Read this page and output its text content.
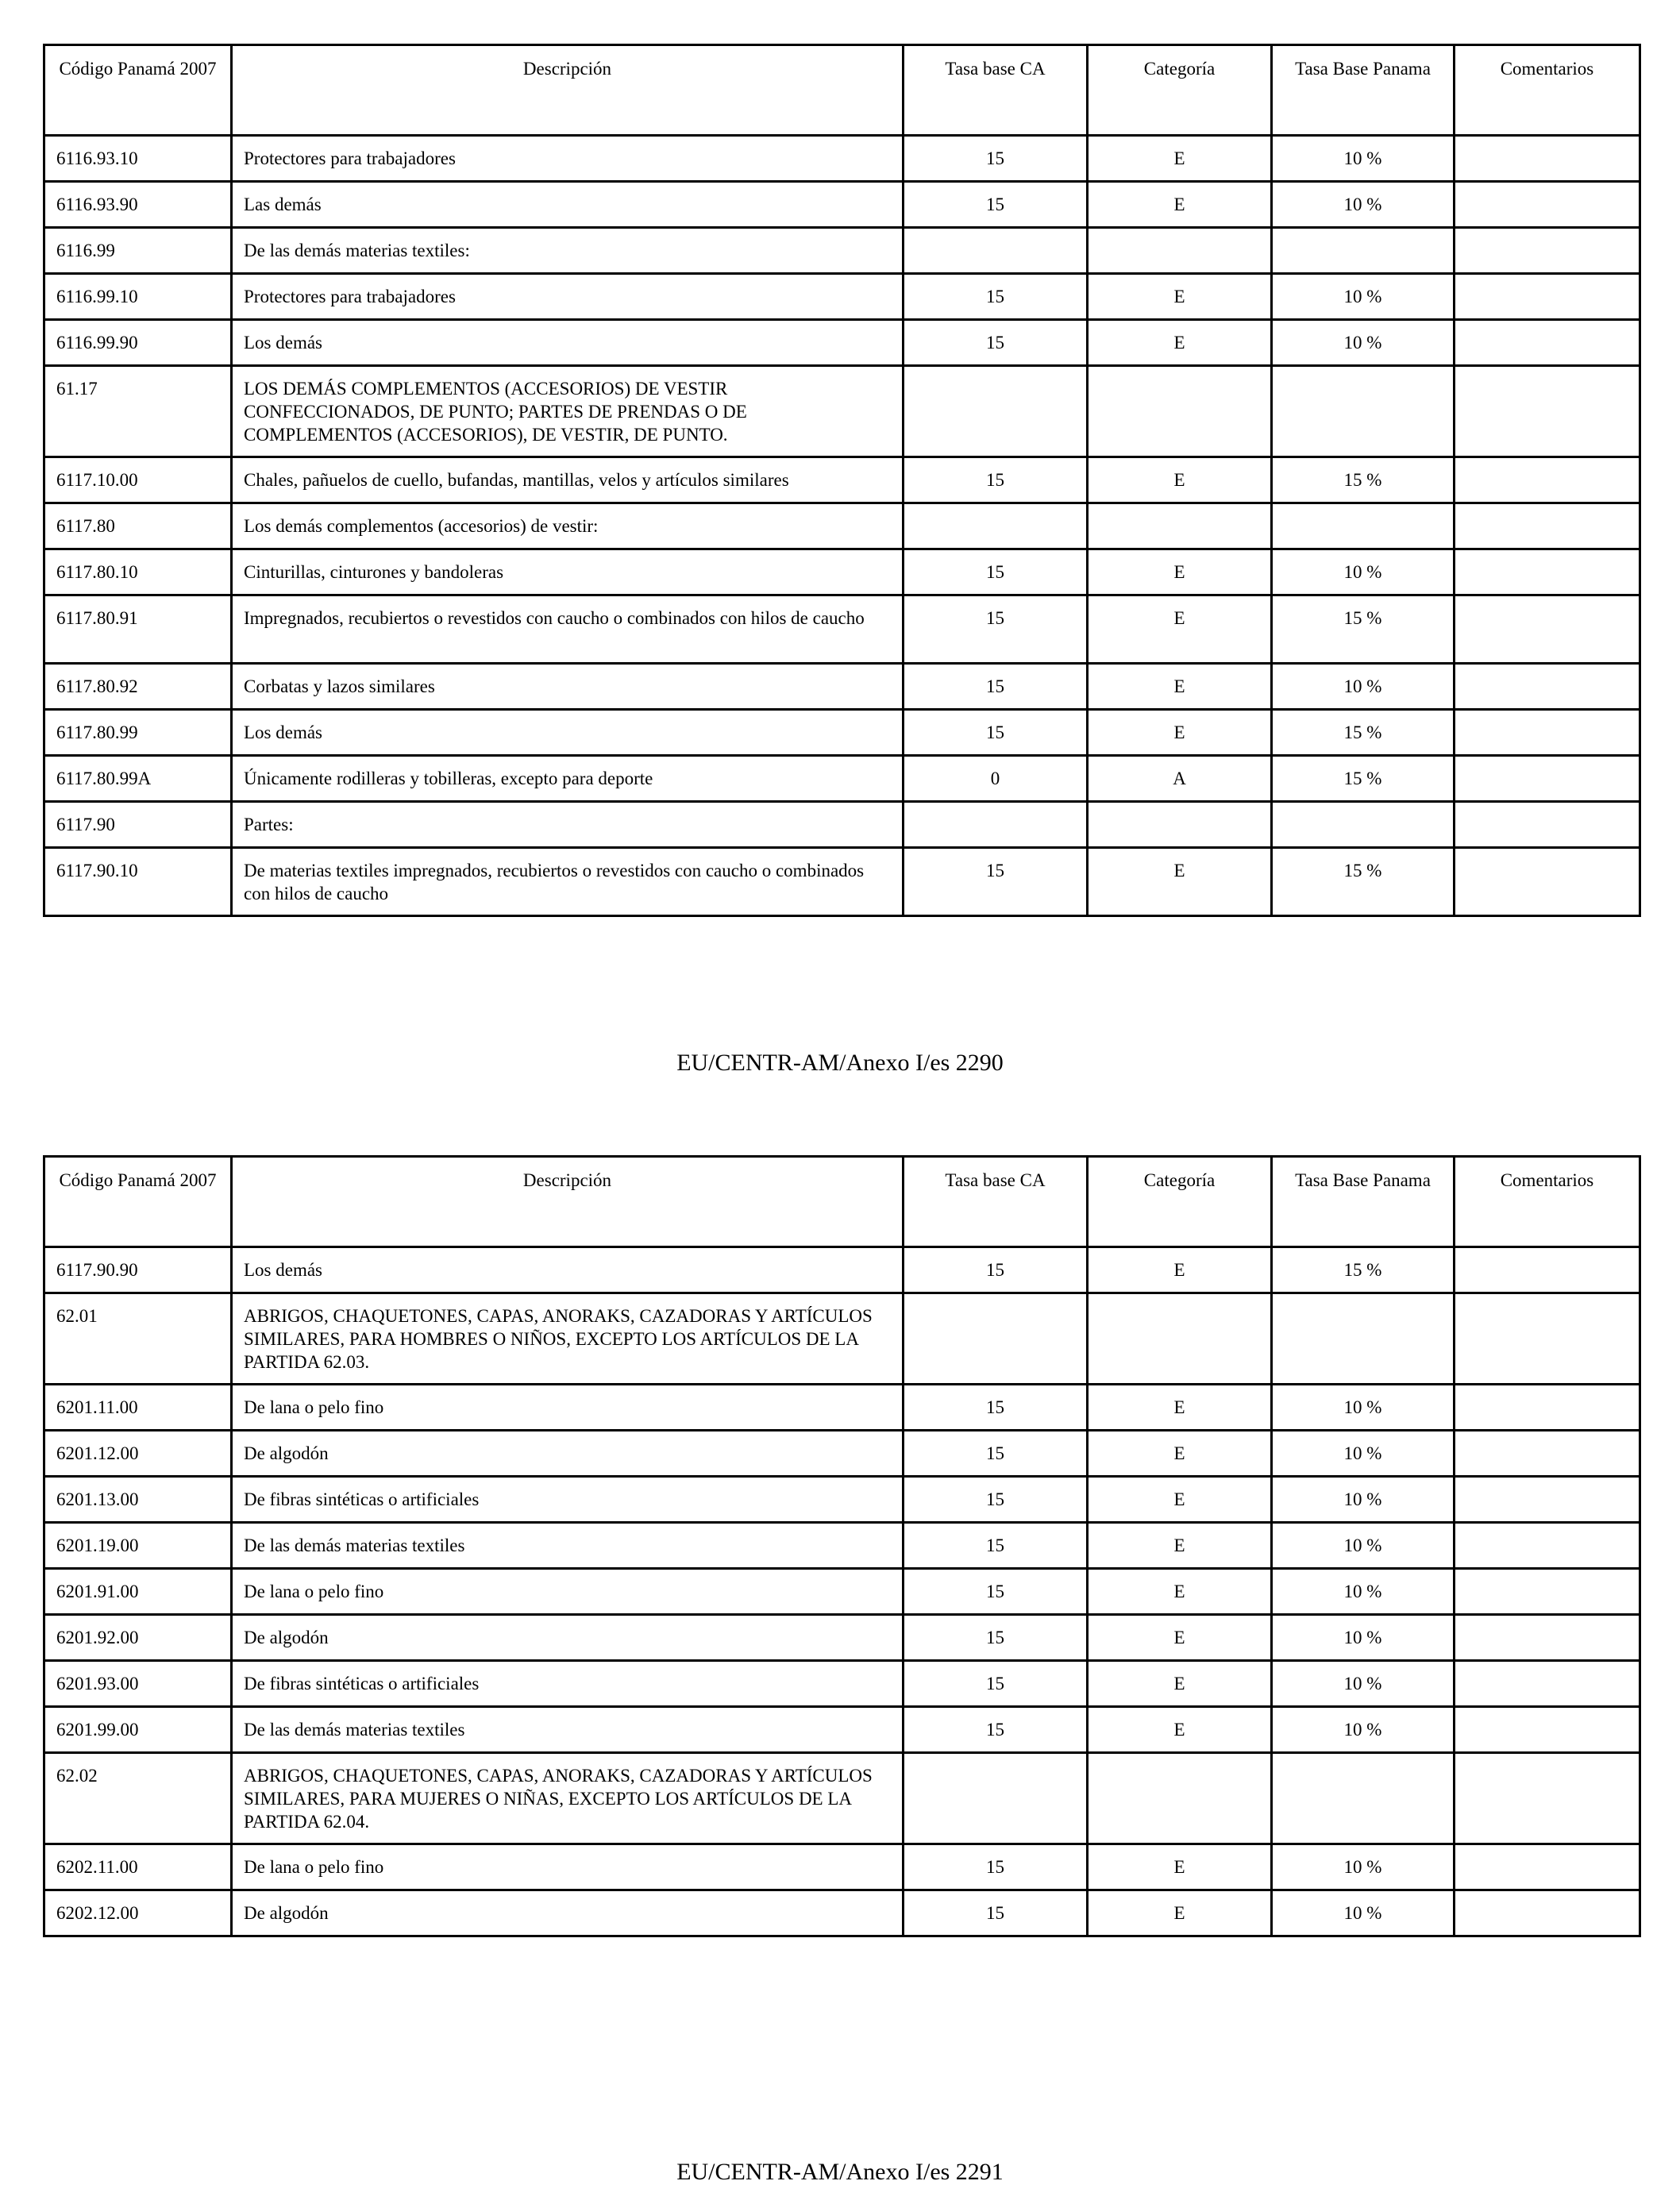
Código Panamá 2007	Descripción	Tasa base CA	Categoría	Tasa Base Panama	Comentarios
6116.93.10	Protectores para trabajadores	15	E	10 %	
6116.93.90	Las demás	15	E	10 %	
6116.99	De las demás materias textiles:				
6116.99.10	Protectores para trabajadores	15	E	10 %	
6116.99.90	Los demás	15	E	10 %	
61.17	LOS DEMÁS COMPLEMENTOS (ACCESORIOS) DE VESTIR CONFECCIONADOS, DE PUNTO; PARTES DE PRENDAS O DE COMPLEMENTOS (ACCESORIOS), DE VESTIR, DE PUNTO.				
6117.10.00	Chales, pañuelos de cuello, bufandas, mantillas, velos y artículos similares	15	E	15 %	
6117.80	Los demás complementos (accesorios) de vestir:				
6117.80.10	Cinturillas, cinturones y bandoleras	15	E	10 %	
6117.80.91	Impregnados, recubiertos o revestidos con caucho o combinados con hilos de caucho	15	E	15 %	
6117.80.92	Corbatas y lazos similares	15	E	10 %	
6117.80.99	Los demás	15	E	15 %	
6117.80.99A	Únicamente rodilleras y tobilleras, excepto para deporte	0	A	15 %	
6117.90	Partes:				
6117.90.10	De materias textiles impregnados, recubiertos o revestidos con caucho o combinados con hilos de caucho	15	E	15 %	
EU/CENTR-AM/Anexo I/es 2290
Código Panamá 2007	Descripción	Tasa base CA	Categoría	Tasa Base Panama	Comentarios
6117.90.90	Los demás	15	E	15 %	
62.01	ABRIGOS, CHAQUETONES, CAPAS, ANORAKS, CAZADORAS Y ARTÍCULOS SIMILARES, PARA HOMBRES O NIÑOS, EXCEPTO LOS ARTÍCULOS DE LA PARTIDA 62.03.				
6201.11.00	De lana o pelo fino	15	E	10 %	
6201.12.00	De algodón	15	E	10 %	
6201.13.00	De fibras sintéticas o artificiales	15	E	10 %	
6201.19.00	De las demás materias textiles	15	E	10 %	
6201.91.00	De lana o pelo fino	15	E	10 %	
6201.92.00	De algodón	15	E	10 %	
6201.93.00	De fibras sintéticas o artificiales	15	E	10 %	
6201.99.00	De las demás materias textiles	15	E	10 %	
62.02	ABRIGOS, CHAQUETONES, CAPAS, ANORAKS, CAZADORAS Y ARTÍCULOS SIMILARES, PARA MUJERES O NIÑAS, EXCEPTO LOS ARTÍCULOS DE LA PARTIDA 62.04.				
6202.11.00	De lana o pelo fino	15	E	10 %	
6202.12.00	De algodón	15	E	10 %	
EU/CENTR-AM/Anexo I/es 2291
